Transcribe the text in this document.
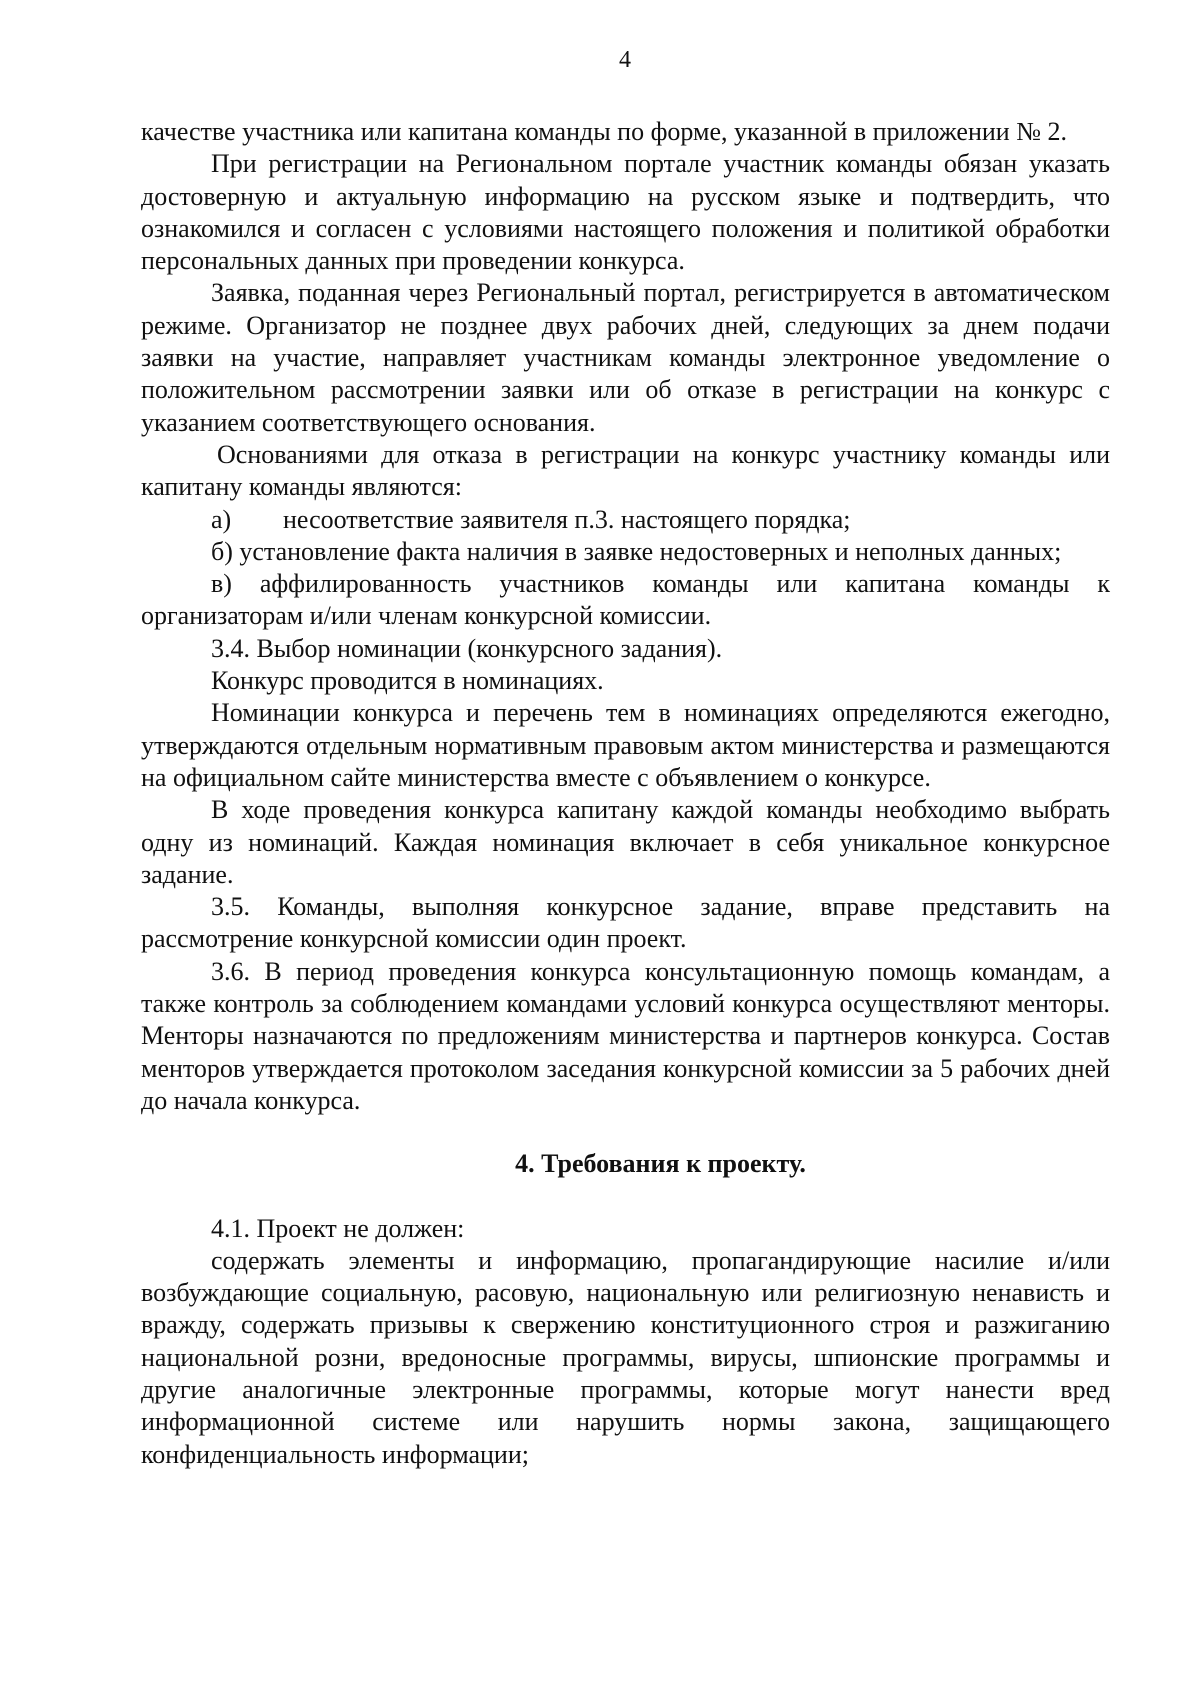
4

качестве участника или капитана команды по форме, указанной в приложении № 2.

При регистрации на Региональном портале участник команды обязан указать достоверную и актуальную информацию на русском языке и подтвердить, что ознакомился и согласен с условиями настоящего положения и политикой обработки персональных данных при проведении конкурса.

Заявка, поданная через Региональный портал, регистрируется в автоматическом режиме. Организатор не позднее двух рабочих дней, следующих за днем подачи заявки на участие, направляет участникам команды электронное уведомление о положительном рассмотрении заявки или об отказе в регистрации на конкурс с указанием соответствующего основания.

Основаниями для отказа в регистрации на конкурс участнику команды или капитану команды являются:

а) несоответствие заявителя п.3. настоящего порядка;

б) установление факта наличия в заявке недостоверных и неполных данных;

в) аффилированность участников команды или капитана команды к организаторам и/или членам конкурсной комиссии.

3.4. Выбор номинации (конкурсного задания).

Конкурс проводится в номинациях.

Номинации конкурса и перечень тем в номинациях определяются ежегодно, утверждаются отдельным нормативным правовым актом министерства и размещаются на официальном сайте министерства вместе с объявлением о конкурсе.

В ходе проведения конкурса капитану каждой команды необходимо выбрать одну из номинаций. Каждая номинация включает в себя уникальное конкурсное задание.

3.5. Команды, выполняя конкурсное задание, вправе представить на рассмотрение конкурсной комиссии один проект.

3.6. В период проведения конкурса консультационную помощь командам, а также контроль за соблюдением командами условий конкурса осуществляют менторы. Менторы назначаются по предложениям министерства и партнеров конкурса. Состав менторов утверждается протоколом заседания конкурсной комиссии за 5 рабочих дней до начала конкурса.

4. Требования к проекту.

4.1. Проект не должен:

содержать элементы и информацию, пропагандирующие насилие и/или возбуждающие социальную, расовую, национальную или религиозную ненависть и вражду, содержать призывы к свержению конституционного строя и разжиганию национальной розни, вредоносные программы, вирусы, шпионские программы и другие аналогичные электронные программы, которые могут нанести вред информационной системе или нарушить нормы закона, защищающего конфиденциальность информации;
